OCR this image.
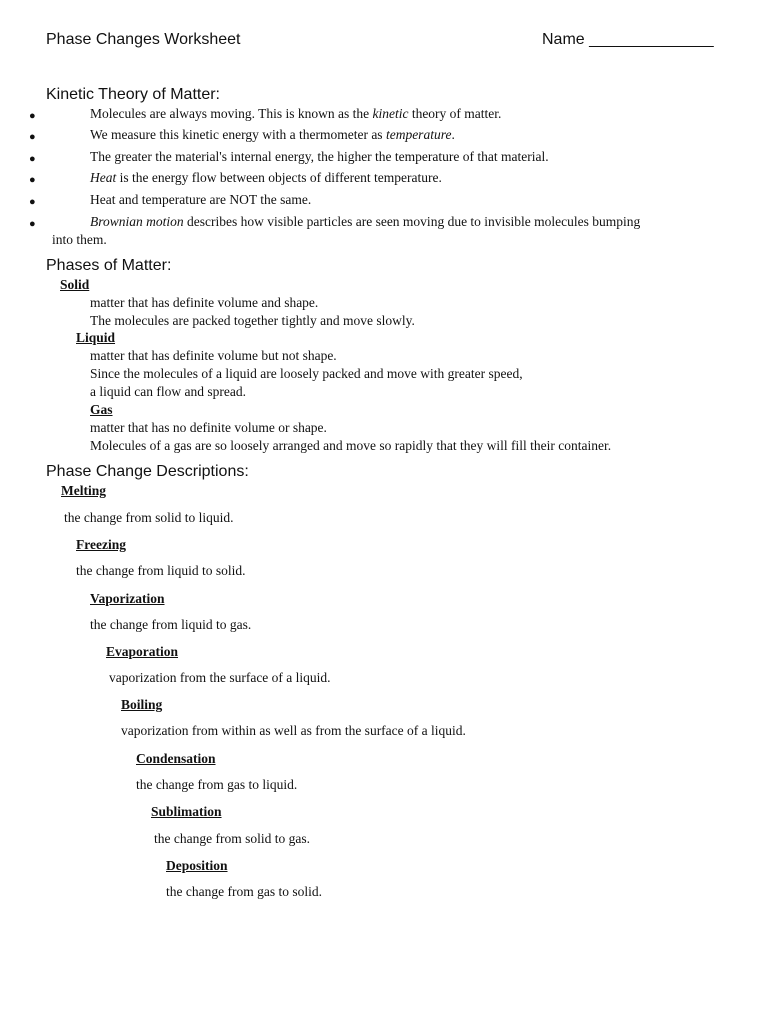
Phase Changes Worksheet	Name ______________
Kinetic Theory of Matter:
●	Molecules are always moving. This is known as the kinetic theory of matter.
●	We measure this kinetic energy with a thermometer as temperature.
●	The greater the material's internal energy, the higher the temperature of that material.
●	Heat is the energy flow between objects of different temperature.
●	Heat and temperature are NOT the same.
●	Brownian motion describes how visible particles are seen moving due to invisible molecules bumping
into them.
Phases of Matter:
Solid
matter that has definite volume and shape.
The molecules are packed together tightly and move slowly.
Liquid
matter that has definite volume but not shape.
Since the molecules of a liquid are loosely packed and move with greater speed,
a liquid can flow and spread.
Gas
matter that has no definite volume or shape.
Molecules of a gas are so loosely arranged and move so rapidly that they will fill their container.
Phase Change Descriptions:
Melting
the change from solid to liquid.
Freezing
the change from liquid to solid.
Vaporization
the change from liquid to gas.
Evaporation
vaporization from the surface of a liquid.
Boiling
vaporization from within as well as from the surface of a liquid.
Condensation
the change from gas to liquid.
Sublimation
the change from solid to gas.
Deposition
the change from gas to solid.
